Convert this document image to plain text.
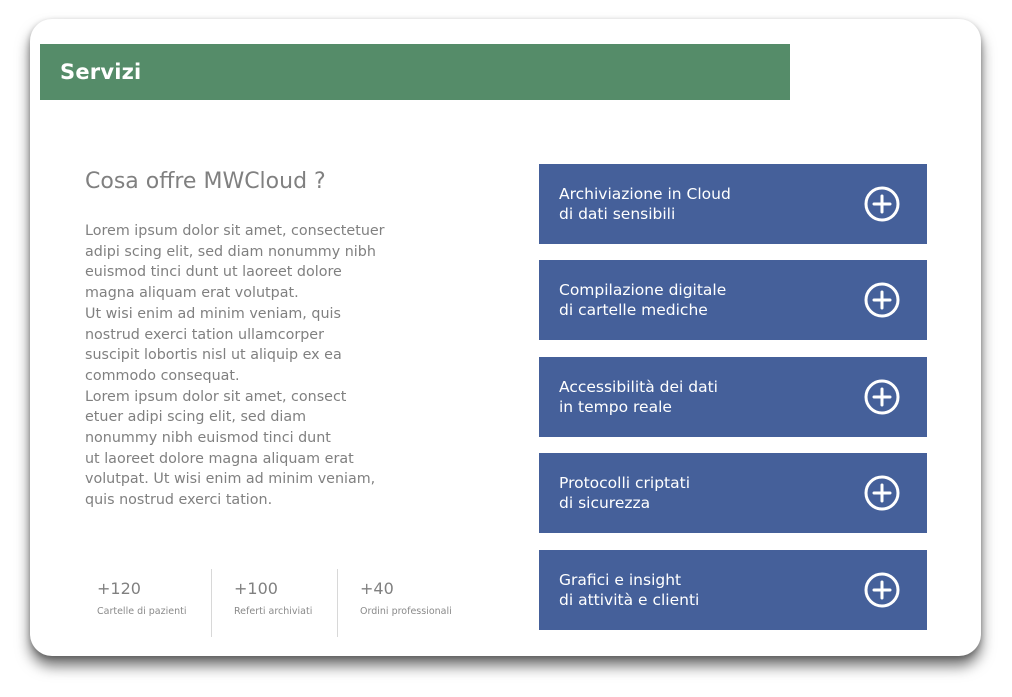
Servizi
Cosa offre MWCloud ?
Lorem ipsum dolor sit amet, consectetuer
adipi scing elit, sed diam nonummy nibh
euismod tinci dunt ut laoreet dolore
magna aliquam erat volutpat.
Ut wisi enim ad minim veniam, quis
nostrud exerci tation ullamcorper
suscipit lobortis nisl ut aliquip ex ea
commodo consequat.
Lorem ipsum dolor sit amet, consect
etuer adipi scing elit, sed diam
nonummy nibh euismod tinci dunt
ut laoreet dolore magna aliquam erat
volutpat. Ut wisi enim ad minim veniam,
quis nostrud exerci tation.
+120
Cartelle di pazienti
+100
Referti archiviati
+40
Ordini professionali
Archiviazione in Cloud
di dati sensibili
Compilazione digitale
di cartelle mediche
Accessibilità dei dati
in tempo reale
Protocolli criptati
di sicurezza
Grafici e insight
di attività e clienti
